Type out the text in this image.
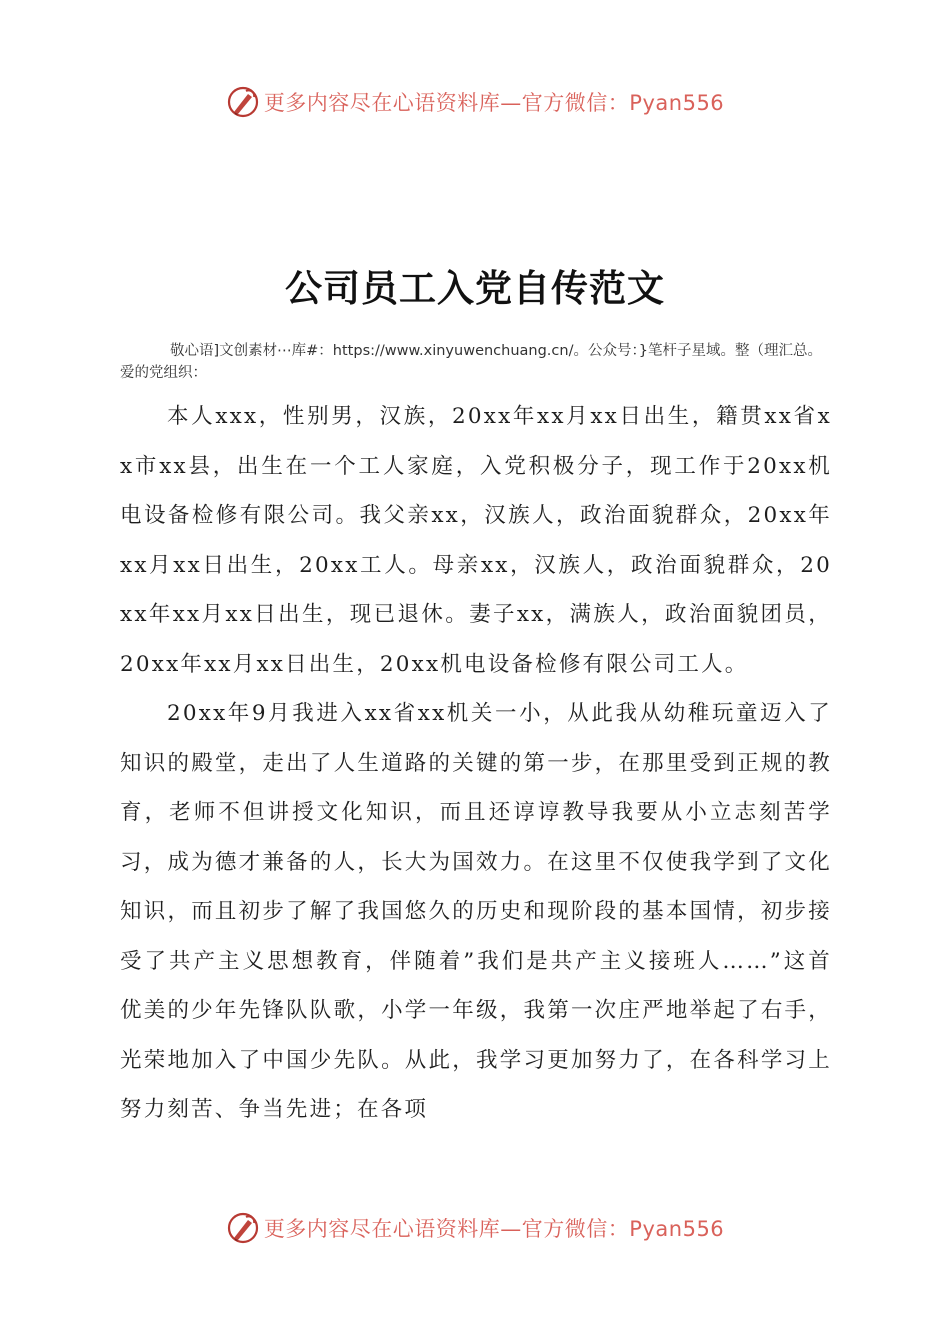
更多内容尽在心语资料库—官方微信：Pyan556
公司员工入党自传范文

敬心语]文创素材⋯库#：https://www.xinyuwenchuang.cn/。公众号：}笔杆子星域。整（理汇总。爱的党组织：

本人xxx，性别男，汉族，20xx年xx月xx日出生，籍贯xx省xx市xx县，出生在一个工人家庭，入党积极分子，现工作于20xx机电设备检修有限公司。我父亲xx，汉族人，政治面貌群众，20xx年xx月xx日出生，20xx工人。母亲xx，汉族人，政治面貌群众，20xx年xx月xx日出生，现已退休。妻子xx，满族人，政治面貌团员，20xx年xx月xx日出生，20xx机电设备检修有限公司工人。

20xx年9月我进入xx省xx机关一小，从此我从幼稚玩童迈入了知识的殿堂，走出了人生道路的关键的第一步，在那里受到正规的教育，老师不但讲授文化知识，而且还谆谆教导我要从小立志刻苦学习，成为德才兼备的人，长大为国效力。在这里不仅使我学到了文化知识，而且初步了解了我国悠久的历史和现阶段的基本国情，初步接受了共产主义思想教育，伴随着”我们是共产主义接班人……”这首优美的少年先锋队队歌，小学一年级，我第一次庄严地举起了右手，光荣地加入了中国少先队。从此，我学习更加努力了，在各科学习上努力刻苦、争当先进；在各项

更多内容尽在心语资料库—官方微信：Pyan556
